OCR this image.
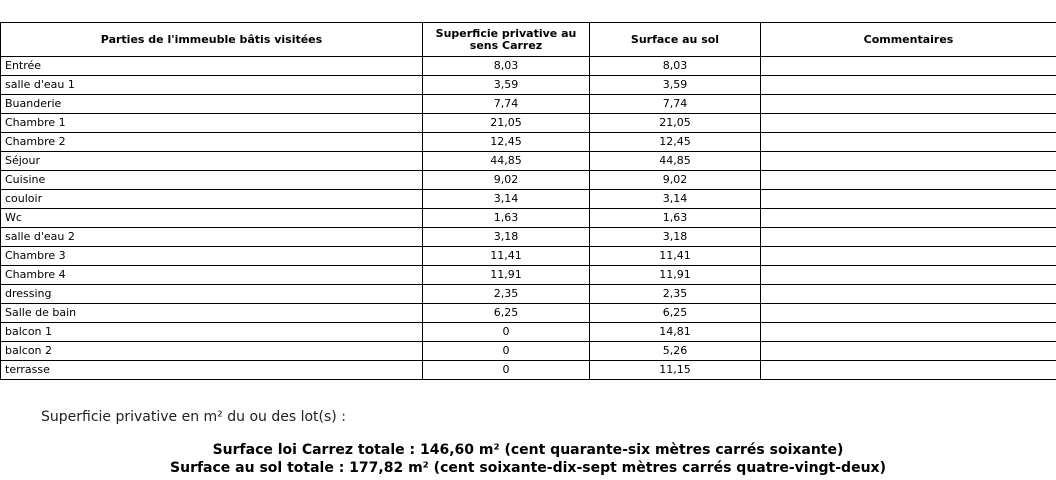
Parties de l'immeuble bâtis visitées	Superficie privative au sens Carrez	Surface au sol	Commentaires
Entrée	8,03	8,03	
salle d'eau 1	3,59	3,59	
Buanderie	7,74	7,74	
Chambre 1	21,05	21,05	
Chambre 2	12,45	12,45	
Séjour	44,85	44,85	
Cuisine	9,02	9,02	
couloir	3,14	3,14	
Wc	1,63	1,63	
salle d'eau 2	3,18	3,18	
Chambre 3	11,41	11,41	
Chambre 4	11,91	11,91	
dressing	2,35	2,35	
Salle de bain	6,25	6,25	
balcon 1	0	14,81	
balcon 2	0	5,26	
terrasse	0	11,15	
Superficie privative en m² du ou des lot(s) :
Surface loi Carrez totale : 146,60 m² (cent quarante-six mètres carrés soixante)
Surface au sol totale : 177,82 m² (cent soixante-dix-sept mètres carrés quatre-vingt-deux)
